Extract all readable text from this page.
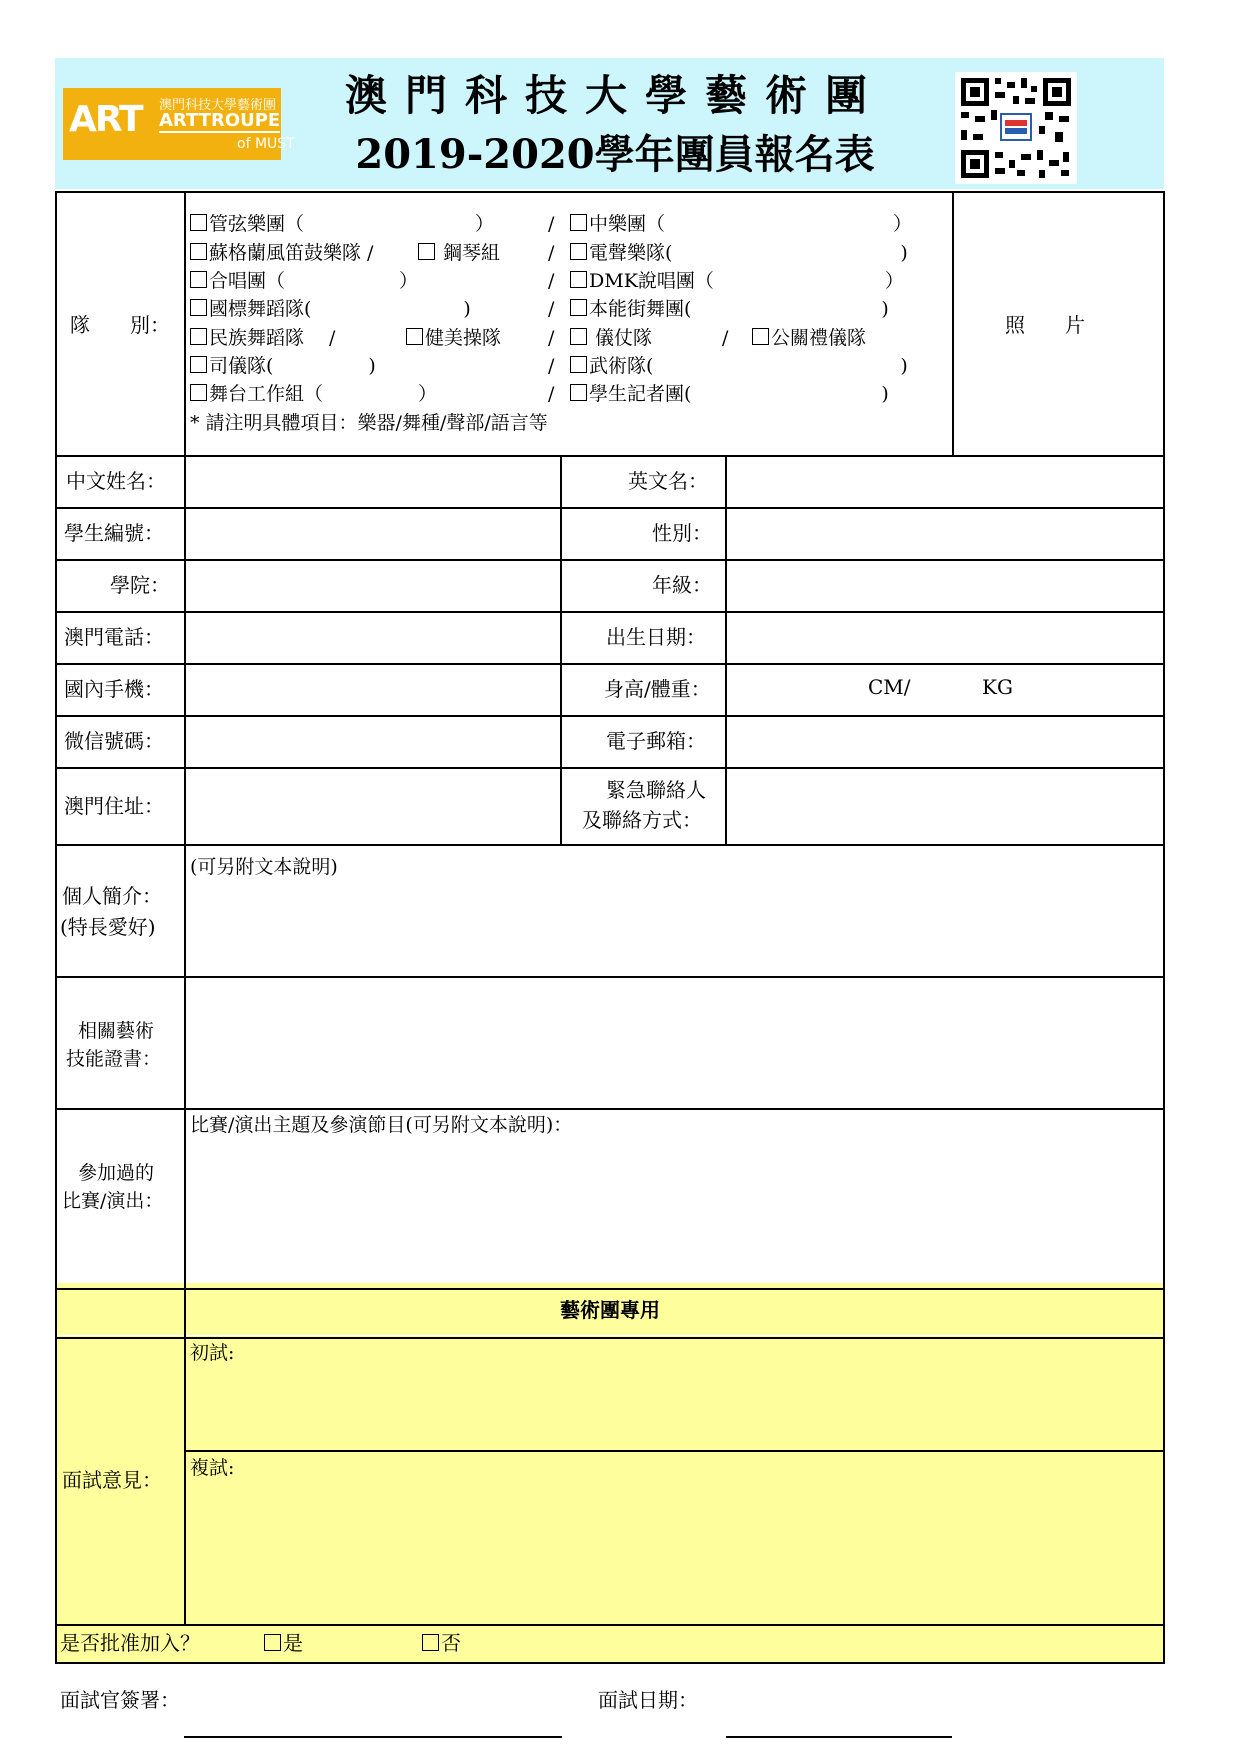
ART 澳門科技大學藝術團
ARTTROUPE
of MUST
澳門科技大學藝術團
2019-2020學年團員報名表
隊　　別：	照　　片
管弦樂團（　　　　　　　　　）	/	中樂團（　　　　　　　　　　　　）
蘇格蘭風笛鼓樂隊 /	鋼琴組	/	電聲樂隊(　　　　　　　　　　　　)
合唱團（　　　　　　）	/	DMK說唱團（　　　　　　　　　）
國標舞蹈隊(　　　　　　　　)	/	本能街舞團(　　　　　　　　　　)
民族舞蹈隊　 /	健美操隊 /	儀仗隊	/	公關禮儀隊
司儀隊(　　　　　)	/	武術隊(　　　　　　　　　　　　　)
舞台工作組（　　　　　）	/	學生記者團(　　　　　　　　　　)
* 請注明具體項目：樂器/舞種/聲部/語言等
中文姓名：	英文名：
學生編號：	性別：
學院：	年級：
澳門電話：	出生日期：
國內手機：	身高/體重：	CM/	KG
微信號碼：	電子郵箱：
澳門住址：
緊急聯絡人
及聯絡方式：
個人簡介：
(特長愛好)
(可另附文本說明)
相關藝術
技能證書：
參加過的
比賽/演出：
比賽/演出主題及參演節目(可另附文本說明)：
藝術團專用
面試意見：
初試:
複試:
是否批准加入？	是	否
面試官簽署：	面試日期：
